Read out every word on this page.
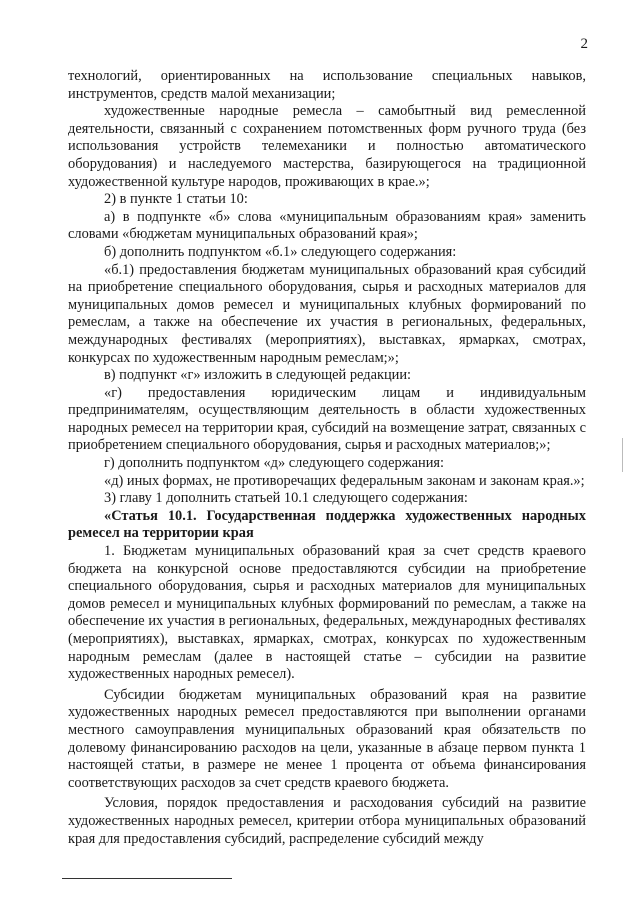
2

технологий, ориентированных на использование специальных навыков, инструментов, средств малой механизации;

художественные народные ремесла – самобытный вид ремесленной деятельности, связанный с сохранением потомственных форм ручного труда (без использования устройств телемеханики и полностью автоматического оборудования) и наследуемого мастерства, базирующегося на традиционной художественной культуре народов, проживающих в крае.»;

2) в пункте 1 статьи 10:

а) в подпункте «б» слова «муниципальным образованиям края» заменить словами «бюджетам муниципальных образований края»;

б) дополнить подпунктом «б.1» следующего содержания:

«б.1) предоставления бюджетам муниципальных образований края субсидий на приобретение специального оборудования, сырья и расходных материалов для муниципальных домов ремесел и муниципальных клубных формирований по ремеслам, а также на обеспечение их участия в региональных, федеральных, международных фестивалях (мероприятиях), выставках, ярмарках, смотрах, конкурсах по художественным народным ремеслам;»;

в) подпункт «г» изложить в следующей редакции:

«г) предоставления юридическим лицам и индивидуальным предпринимателям, осуществляющим деятельность в области художественных народных ремесел на территории края, субсидий на возмещение затрат, связанных с приобретением специального оборудования, сырья и расходных материалов;»;

г) дополнить подпунктом «д» следующего содержания:

«д) иных формах, не противоречащих федеральным законам и законам края.»;

3) главу 1 дополнить статьей 10.1 следующего содержания:

«Статья 10.1. Государственная поддержка художественных народных ремесел на территории края

1. Бюджетам муниципальных образований края за счет средств краевого бюджета на конкурсной основе предоставляются субсидии на приобретение специального оборудования, сырья и расходных материалов для муниципальных домов ремесел и муниципальных клубных формирований по ремеслам, а также на обеспечение их участия в региональных, федеральных, международных фестивалях (мероприятиях), выставках, ярмарках, смотрах, конкурсах по художественным народным ремеслам (далее в настоящей статье – субсидии на развитие художественных народных ремесел).

Субсидии бюджетам муниципальных образований края на развитие художественных народных ремесел предоставляются при выполнении органами местного самоуправления муниципальных образований края обязательств по долевому финансированию расходов на цели, указанные в абзаце первом пункта 1 настоящей статьи, в размере не менее 1 процента от объема финансирования соответствующих расходов за счет средств краевого бюджета.

Условия, порядок предоставления и расходования субсидий на развитие художественных народных ремесел, критерии отбора муниципальных образований края для предоставления субсидий, распределение субсидий между
